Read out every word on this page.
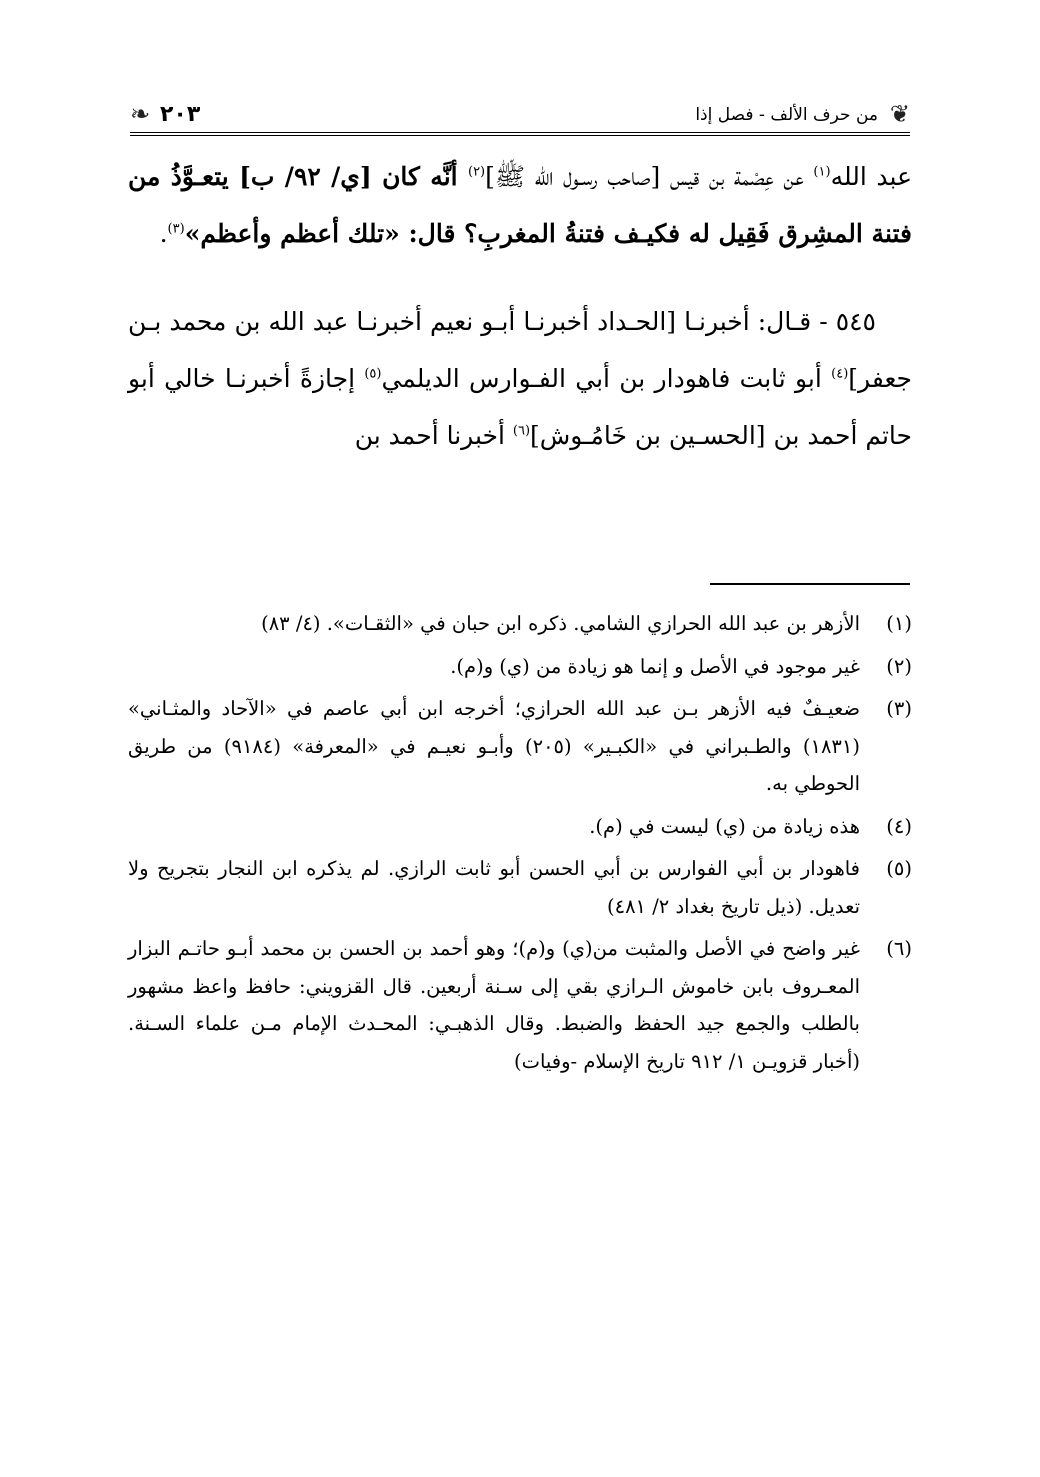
❦
من حرف الألف - فصل إذا
٢٠٣
❧

عبد الله$^{(١)}$ عن عِصْمة بن قيس [صاحب رسـول الله ﷺ]$^{(٢)}$ أنَّه كان [ي/ ٩٢/ ب] يتعـوَّذُ من فتنة المشِرق فَقِيل له فكيـف فتنةُ المغربِ؟ قال: «تلك أعظم وأعظم»$^{(٣)}$.

٥٤٥ - قـال: أخبرنـا [الحـداد أخبرنـا أبـو نعيم أخبرنـا عبد الله بن محمد بـن جعفر]$^{(٤)}$ أبو ثابت فاهودار بن أبي الفـوارس الديلمي$^{(٥)}$ إجازةً أخبرنـا خالي أبو حاتم أحمد بن [الحسـين بن خَامُـوش]$^{(٦)}$ أخبرنا أحمد بن

(١)
الأزهر بن عبد الله الحرازي الشامي. ذكره ابن حبان في «الثقـات». (٤/ ٨٣)
(٢)
غير موجود في الأصل و إنما هو زيادة من (ي) و(م).
(٣)
ضعيـفٌ فيه الأزهر بـن عبد الله الحرازي؛ أخرجه ابن أبي عاصم في «الآحاد والمثـاني» (١٨٣١) والطـبراني في «الكبـير» (٢٠٥) وأبـو نعيـم في «المعرفة» (٩١٨٤) من طريق الحوطي به.
(٤)
هذه زيادة من (ي) ليست في (م).
(٥)
فاهودار بن أبي الفوارس بن أبي الحسن أبو ثابت الرازي. لم يذكره ابن النجار بتجريح ولا تعديل. (ذيل تاريخ بغداد ٢/ ٤٨١)
(٦)
غير واضح في الأصل والمثبت من(ي) و(م)؛ وهو أحمد بن الحسن بن محمد أبـو حاتـم البزار المعـروف بابن خاموش الـرازي بقي إلى سـنة أربعين. قال القزويني: حافظ واعظ مشهور بالطلب والجمع جيد الحفظ والضبط. وقال الذهبـي: المحـدث الإمام مـن علماء السـنة. (أخبار قزويـن ١/ ٩١٢ تاريخ الإسلام -وفيات)
